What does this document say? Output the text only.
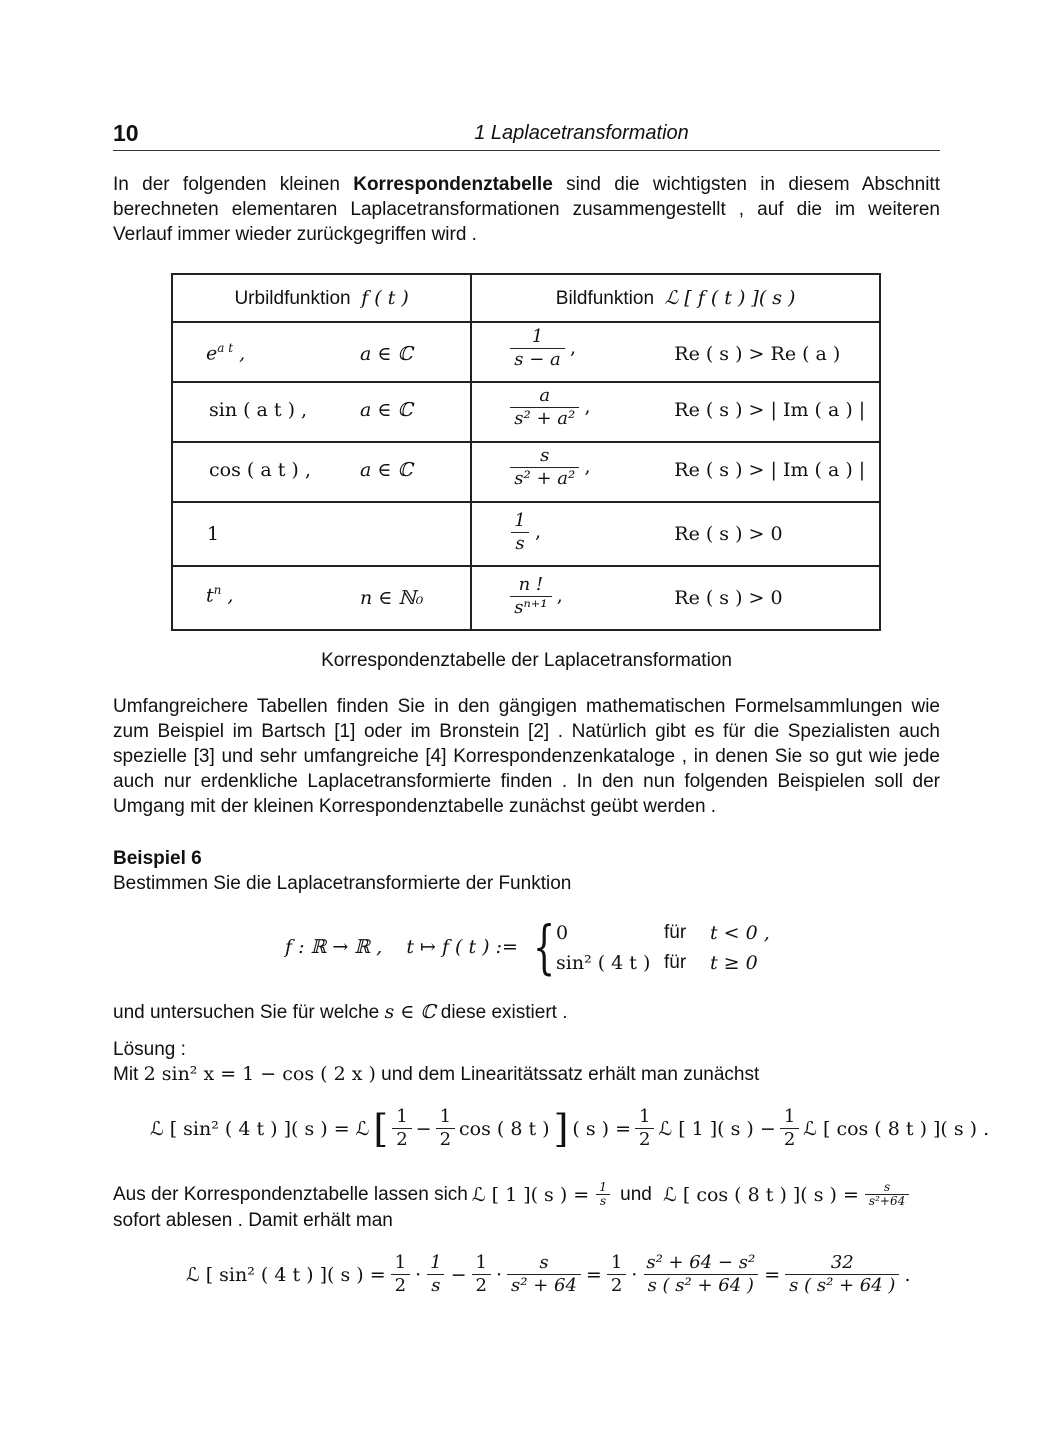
10	1 Laplacetransformation
In der folgenden kleinen Korrespondenztabelle sind die wichtigsten in diesem Abschnitt berechneten elementaren Laplacetransformationen zusammengestellt , auf die im weiteren Verlauf immer wieder zurückgegriffen wird .
Urbildfunktion f ( t )	Bildfunktion ℒ [ f ( t ) ]( s )

$e^{a t}$ , a ∈ ℂ	$\frac{1}{s - a}$ , Re ( s ) > Re ( a )

sin ( a t ) , a ∈ ℂ	$\frac{a}{\text{s² + a²}}$ , Re ( s ) > | Im ( a ) |

cos ( a t ) , a ∈ ℂ	$\frac{s}{\text{s² + a²}}$ , Re ( s ) > | Im ( a ) |

1	$\frac{1}{s}$ , Re ( s ) > 0

$t^n$ , n ∈ ℕ₀	$\frac{n !}{\text{sⁿ⁺¹}}$ , Re ( s ) > 0
Korrespondenztabelle der Laplacetransformation
Umfangreichere Tabellen finden Sie in den gängigen mathematischen Formelsammlungen wie zum Beispiel im Bartsch [1] oder im Bronstein [2] . Natürlich gibt es für die Spezialisten auch spezielle [3] und sehr umfangreiche [4] Korrespondenzenkataloge , in denen Sie so gut wie jede auch nur erdenkliche Laplacetransformierte finden . In den nun folgenden Beispielen soll der Umgang mit der kleinen Korrespondenztabelle zunächst geübt werden .
Beispiel 6
Bestimmen Sie die Laplacetransformierte der Funktion
f : ℝ → ℝ ,    t ↦ f ( t ) := { 0	für t < 0 ,
sin² ( 4 t ) für t ≥ 0
und untersuchen Sie für welche s ∈ ℂ diese existiert .
Lösung :
Mit 2 sin² x = 1 − cos ( 2 x ) und dem Linearitätssatz erhält man zunächst
ℒ [ sin² ( 4 t ) ]( s ) = ℒ [ $\frac{1}{2} - \frac{1}{2}$ cos ( 8 t ) ] ( s ) = $\frac{1}{2}$ ℒ [ 1 ]( s ) − $\frac{1}{2}$ ℒ [ cos ( 8 t ) ]( s ) .
Aus der Korrespondenztabelle lassen sich ℒ [ 1 ]( s ) = $\frac{1}{s}$ und ℒ [ cos ( 8 t ) ]( s ) = $\frac{s}{\text{s²+64}}$
sofort ablesen . Damit erhält man
ℒ [ sin² ( 4 t ) ]( s ) = $\frac{1}{2} \cdot \frac{1}{s} - \frac{1}{2} \cdot \frac{s}{\text{s² + 64}} = \frac{1}{2} \cdot \frac{\text{s² + 64 − s²}}{\text{s ( s² + 64 )}} = \frac{32}{\text{s ( s² + 64 )}}$ .
